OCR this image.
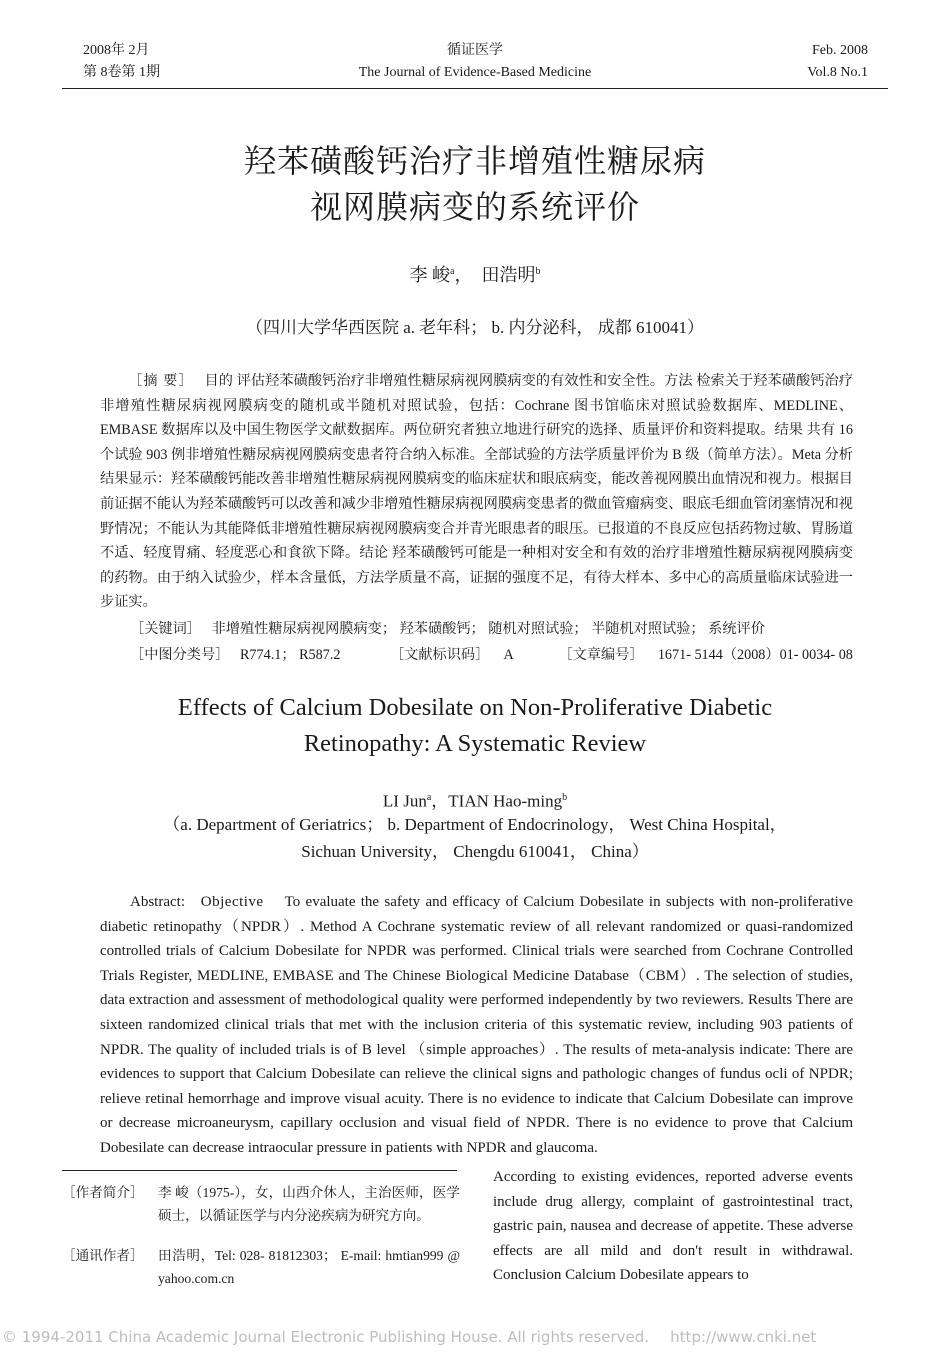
2008年 2月
第 8卷第 1期
循证医学
The Journal of Evidence-Based Medicine
Feb. 2008
Vol.8 No.1
羟苯磺酸钙治疗非增殖性糖尿病
视网膜病变的系统评价
李 峻$^a$， 田浩明$^b$
（四川大学华西医院 a. 老年科； b. 内分泌科， 成都 610041）
［摘 要］ 目的 评估羟苯磺酸钙治疗非增殖性糖尿病视网膜病变的有效性和安全性。方法 检索关于羟苯磺酸钙治疗非增殖性糖尿病视网膜病变的随机或半随机对照试验，包括：Cochrane 图书馆临床对照试验数据库、MEDLINE、EMBASE 数据库以及中国生物医学文献数据库。两位研究者独立地进行研究的选择、质量评价和资料提取。结果 共有 16 个试验 903 例非增殖性糖尿病视网膜病变患者符合纳入标准。全部试验的方法学质量评价为 B 级（简单方法）。Meta 分析结果显示：羟苯磺酸钙能改善非增殖性糖尿病视网膜病变的临床症状和眼底病变，能改善视网膜出血情况和视力。根据目前证据不能认为羟苯磺酸钙可以改善和减少非增殖性糖尿病视网膜病变患者的微血管瘤病变、眼底毛细血管闭塞情况和视野情况；不能认为其能降低非增殖性糖尿病视网膜病变合并青光眼患者的眼压。已报道的不良反应包括药物过敏、胃肠道不适、轻度胃痛、轻度恶心和食欲下降。结论 羟苯磺酸钙可能是一种相对安全和有效的治疗非增殖性糖尿病视网膜病变的药物。由于纳入试验少，样本含量低，方法学质量不高，证据的强度不足，有待大样本、多中心的高质量临床试验进一步证实。
［关键词］ 非增殖性糖尿病视网膜病变； 羟苯磺酸钙； 随机对照试验； 半随机对照试验； 系统评价
［中图分类号］ R774.1； R587.2	［文献标识码］ A	［文章编号］ 1671- 5144（2008）01- 0034- 08
Effects of Calcium Dobesilate on Non-Proliferative Diabetic
Retinopathy: A Systematic Review
LI Jun$^a$，TIAN Hao-ming$^b$
（a. Department of Geriatrics； b. Department of Endocrinology， West China Hospital，
Sichuan University， Chengdu 610041， China）
Abstract: Objective To evaluate the safety and efficacy of Calcium Dobesilate in subjects with non-proliferative diabetic retinopathy（NPDR）. Method A Cochrane systematic review of all relevant randomized or quasi-randomized controlled trials of Calcium Dobesilate for NPDR was performed. Clinical trials were searched from Cochrane Controlled Trials Register, MEDLINE, EMBASE and The Chinese Biological Medicine Database（CBM）. The selection of studies, data extraction and assessment of methodological quality were performed independently by two reviewers. Results There are sixteen randomized clinical trials that met with the inclusion criteria of this systematic review, including 903 patients of NPDR. The quality of included trials is of B level （simple approaches）. The results of meta-analysis indicate: There are evidences to support that Calcium Dobesilate can relieve the clinical signs and pathologic changes of fundus ocli of NPDR; relieve retinal hemorrhage and improve visual acuity. There is no evidence to indicate that Calcium Dobesilate can improve or decrease microaneurysm, capillary occlusion and visual field of NPDR. There is no evidence to prove that Calcium Dobesilate can decrease intraocular pressure in patients with NPDR and glaucoma.
［作者简介］	李 峻（1975-），女，山西介休人，主治医师，医学硕士，以循证医学与内分泌疾病为研究方向。
［通讯作者］	田浩明，Tel: 028- 81812303； E-mail: hmtian999 @yahoo.com.cn
According to existing evidences, reported adverse events include drug allergy, complaint of gastrointestinal tract, gastric pain, nausea and decrease of appetite. These adverse effects are all mild and don't result in withdrawal. Conclusion Calcium Dobesilate appears to
© 1994-2011 China Academic Journal Electronic Publishing House. All rights reserved. http://www.cnki.net
